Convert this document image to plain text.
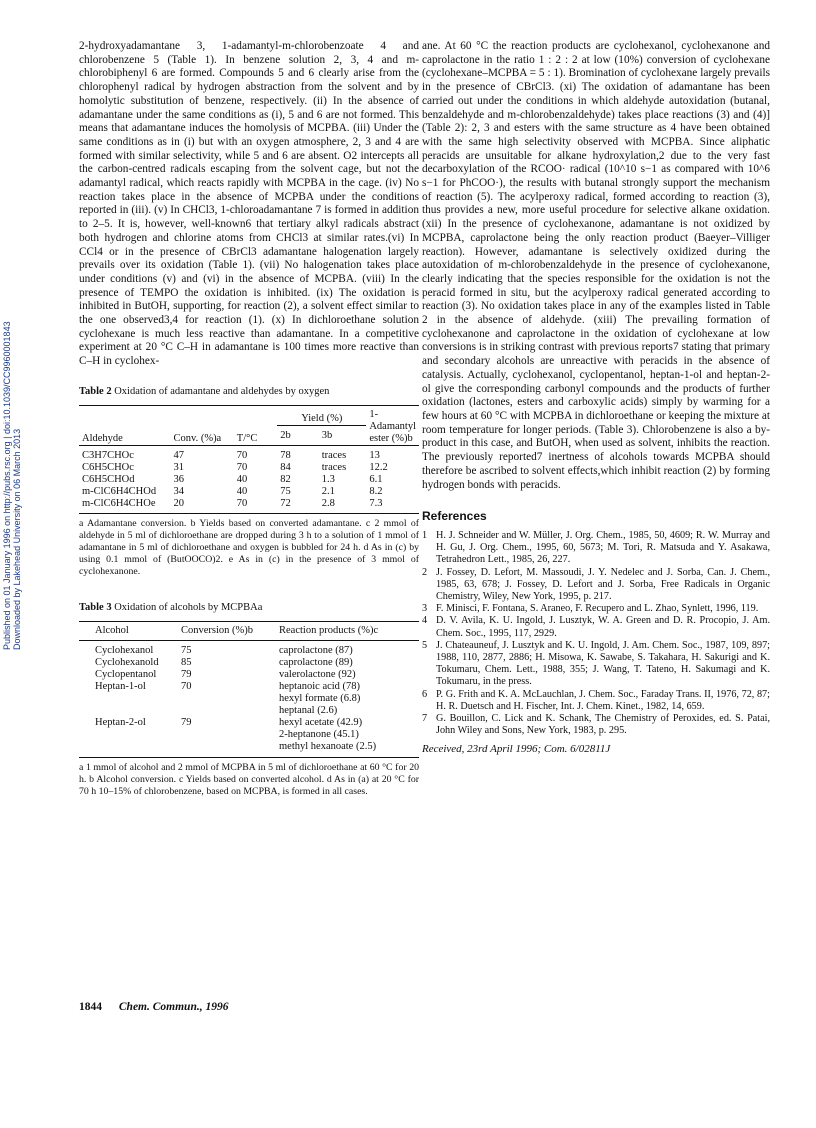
Published on 01 January 1996 on http://pubs.rsc.org | doi:10.1039/CC9960001843 Downloaded by Lakehead University on 06 March 2013

2-hydroxyadamantane 3, 1-adamantyl-m-chlorobenzoate 4 and chlorobenzene 5 (Table 1). In benzene solution 2, 3, 4 and m-chlorobiphenyl 6 are formed. Compounds 5 and 6 clearly arise from the chlorophenyl radical by hydrogen abstraction from the solvent and by homolytic substitution of benzene, respectively. (ii) In the absence of adamantane under the same conditions as (i), 5 and 6 are not formed. This means that adamantane induces the homolysis of MCPBA. (iii) Under the same conditions as in (i) but with an oxygen atmosphere, 2, 3 and 4 are formed with similar selectivity, while 5 and 6 are absent. O2 intercepts all the carbon-centred radicals escaping from the solvent cage, but not the adamantyl radical, which reacts rapidly with MCPBA in the cage. (iv) No reaction takes place in the absence of MCPBA under the conditions reported in (iii). (v) In CHCl3, 1-chloroadamantane 7 is formed in addition to 2–5. It is, however, well-known6 that tertiary alkyl radicals abstract both hydrogen and chlorine atoms from CHCl3 at similar rates.(vi) In CCl4 or in the presence of CBrCl3 adamantane halogenation largely prevails over its oxidation (Table 1). (vii) No halogenation takes place under conditions (v) and (vi) in the absence of MCPBA. (viii) In the presence of TEMPO the oxidation is inhibited. (ix) The oxidation is inhibited in ButOH, supporting, for reaction (2), a solvent effect similar to the one observed3,4 for reaction (1). (x) In dichloroethane solution cyclohexane is much less reactive than adamantane. In a competitive experiment at 20 °C C–H in adamantane is 100 times more reactive than C–H in cyclohex-

Table 2 Oxidation of adamantane and aldehydes by oxygen

Aldehyde	Conv. (%)a	T/°C	Yield (%)		1-Adamantyl
ester (%)b
			2b	3b	
C3H7CHOc	47	70	78	traces	13
C6H5CHOc	31	70	84	traces	12.2
C6H5CHOd	36	40	82	1.3	6.1
m-ClC6H4CHOd	34	40	75	2.1	8.2
m-ClC6H4CHOe	20	70	72	2.8	7.3

a Adamantane conversion. b Yields based on converted adamantane. c 2 mmol of aldehyde in 5 ml of dichloroethane are dropped during 3 h to a solution of 1 mmol of adamantane in 5 ml of dichloroethane and oxygen is bubbled for 24 h. d As in (c) by using 0.1 mmol of (ButOOCO)2. e As in (c) in the presence of 3 mmol of cyclohexanone.

Table 3 Oxidation of alcohols by MCPBAa

Alcohol	Conversion (%)b	Reaction products (%)c
Cyclohexanol	75	caprolactone (87)
Cyclohexanold	85	caprolactone (89)
Cyclopentanol	79	valerolactone (92)
Heptan-1-ol	70	heptanoic acid (78)
hexyl formate (6.8)
heptanal (2.6)

Heptan-2-ol	79	hexyl acetate (42.9)
2-heptanone (45.1)
methyl hexanoate (2.5)

a 1 mmol of alcohol and 2 mmol of MCPBA in 5 ml of dichloroethane at 60 °C for 20 h. b Alcohol conversion. c Yields based on converted alcohol. d As in (a) at 20 °C for 70 h 10–15% of chlorobenzene, based on MCPBA, is formed in all cases.

ane. At 60 °C the reaction products are cyclohexanol, cyclohexanone and caprolactone in the ratio 1 : 2 : 2 at low (10%) conversion of cyclohexane (cyclohexane–MCPBA = 5 : 1). Bromination of cyclohexane largely prevails in the presence of CBrCl3. (xi) The oxidation of adamantane has been carried out under the conditions in which aldehyde autoxidation (butanal, benzaldehyde and m-chlorobenzaldehyde) takes place reactions (3) and (4)] (Table 2): 2, 3 and esters with the same structure as 4 have been obtained with the same high selectivity observed with MCPBA. Since aliphatic peracids are unsuitable for alkane hydroxylation,2 due to the very fast decarboxylation of the RCOO· radical (10^10 s−1 as compared with 10^6 s−1 for PhCOO·), the results with butanal strongly support the mechanism of reaction (5). The acylperoxy radical, formed according to reaction (3), thus provides a new, more useful procedure for selective alkane oxidation. (xii) In the presence of cyclohexanone, adamantane is not oxidized by MCPBA, caprolactone being the only reaction product (Baeyer–Villiger reaction). However, adamantane is selectively oxidized during the autoxidation of m-chlorobenzaldehyde in the presence of cyclohexanone, clearly indicating that the species responsible for the oxidation is not the peracid formed in situ, but the acylperoxy radical generated according to reaction (3). No oxidation takes place in any of the examples listed in Table 2 in the absence of aldehyde. (xiii) The prevailing formation of cyclohexanone and caprolactone in the oxidation of cyclohexane at low conversions is in striking contrast with previous reports7 stating that primary and secondary alcohols are unreactive with peracids in the absence of catalysis. Actually, cyclohexanol, cyclopentanol, heptan-1-ol and heptan-2-ol give the corresponding carbonyl compounds and the products of further oxidation (lactones, esters and carboxylic acids) simply by warming for a few hours at 60 °C with MCPBA in dichloroethane or keeping the mixture at room temperature for longer periods. (Table 3). Chlorobenzene is also a by-product in this case, and ButOH, when used as solvent, inhibits the reaction. The previously reported7 inertness of alcohols towards MCPBA should therefore be ascribed to solvent effects,which inhibit reaction (2) by forming hydrogen bonds with peracids.

References

1 H. J. Schneider and W. Müller, J. Org. Chem., 1985, 50, 4609; R. W. Murray and H. Gu, J. Org. Chem., 1995, 60, 5673; M. Tori, R. Matsuda and Y. Asakawa, Tetrahedron Lett., 1985, 26, 227.
2 J. Fossey, D. Lefort, M. Massoudi, J. Y. Nedelec and J. Sorba, Can. J. Chem., 1985, 63, 678; J. Fossey, D. Lefort and J. Sorba, Free Radicals in Organic Chemistry, Wiley, New York, 1995, p. 217.
3 F. Minisci, F. Fontana, S. Araneo, F. Recupero and L. Zhao, Synlett, 1996, 119.
4 D. V. Avila, K. U. Ingold, J. Lusztyk, W. A. Green and D. R. Procopio, J. Am. Chem. Soc., 1995, 117, 2929.
5 J. Chateauneuf, J. Lusztyk and K. U. Ingold, J. Am. Chem. Soc., 1987, 109, 897; 1988, 110, 2877, 2886; H. Misowa, K. Sawabe, S. Takahara, H. Sakurigi and K. Tokumaru, Chem. Lett., 1988, 355; J. Wang, T. Tateno, H. Sakumagi and K. Tokumaru, in the press.
6 P. G. Frith and K. A. McLauchlan, J. Chem. Soc., Faraday Trans. II, 1976, 72, 87; H. R. Duetsch and H. Fischer, Int. J. Chem. Kinet., 1982, 14, 659.
7 G. Bouillon, C. Lick and K. Schank, The Chemistry of Peroxides, ed. S. Patai, John Wiley and Sons, New York, 1983, p. 295.

Received, 23rd April 1996; Com. 6/02811J

1844 Chem. Commun., 1996
